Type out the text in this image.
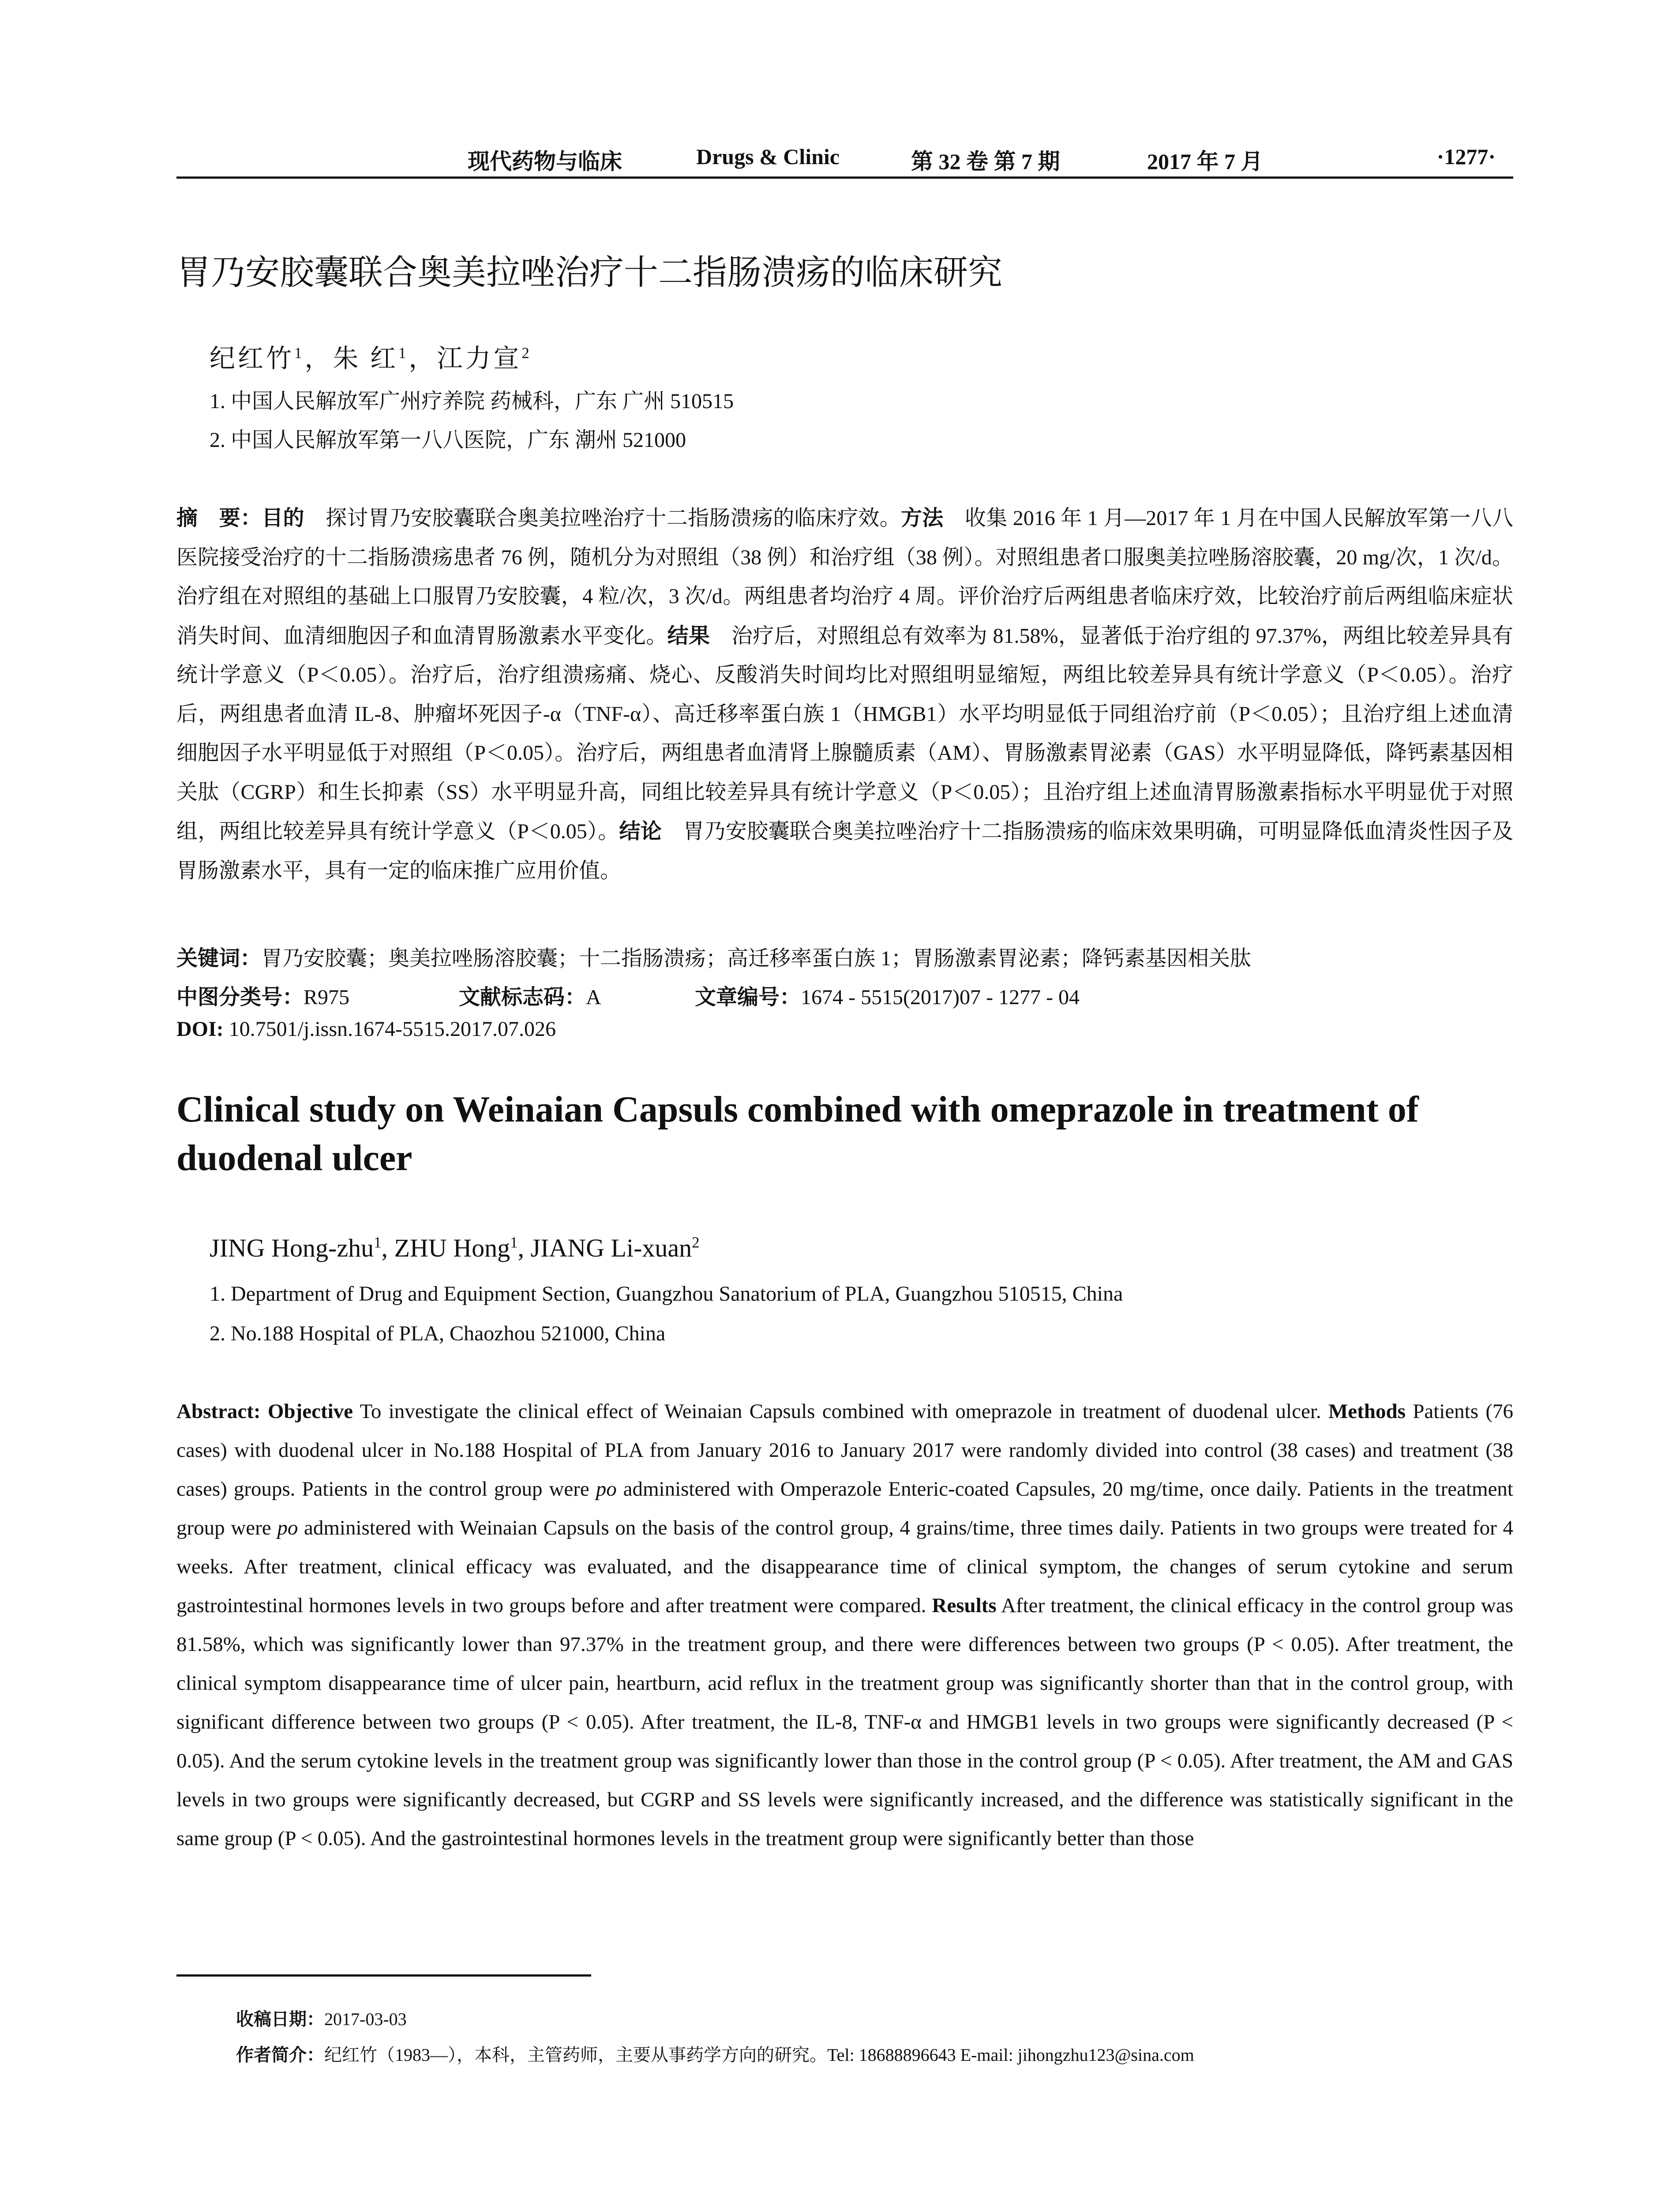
现代药物与临床	Drugs & Clinic	第 32 卷 第 7 期	2017 年 7 月	·1277·
胃乃安胶囊联合奥美拉唑治疗十二指肠溃疡的临床研究
纪红竹$^1$，朱 红$^1$，江力宣$^2$
1. 中国人民解放军广州疗养院 药械科，广东 广州 510515
2. 中国人民解放军第一八八医院，广东 潮州 521000
摘　要：目的　探讨胃乃安胶囊联合奥美拉唑治疗十二指肠溃疡的临床疗效。方法　收集 2016 年 1 月—2017 年 1 月在中国人民解放军第一八八医院接受治疗的十二指肠溃疡患者 76 例，随机分为对照组（38 例）和治疗组（38 例）。对照组患者口服奥美拉唑肠溶胶囊，20 mg/次，1 次/d。治疗组在对照组的基础上口服胃乃安胶囊，4 粒/次，3 次/d。两组患者均治疗 4 周。评价治疗后两组患者临床疗效，比较治疗前后两组临床症状消失时间、血清细胞因子和血清胃肠激素水平变化。结果　治疗后，对照组总有效率为 81.58%，显著低于治疗组的 97.37%，两组比较差异具有统计学意义（P＜0.05）。治疗后，治疗组溃疡痛、烧心、反酸消失时间均比对照组明显缩短，两组比较差异具有统计学意义（P＜0.05）。治疗后，两组患者血清 IL-8、肿瘤坏死因子-α（TNF-α）、高迁移率蛋白族 1（HMGB1）水平均明显低于同组治疗前（P＜0.05）；且治疗组上述血清细胞因子水平明显低于对照组（P＜0.05）。治疗后，两组患者血清肾上腺髓质素（AM）、胃肠激素胃泌素（GAS）水平明显降低，降钙素基因相关肽（CGRP）和生长抑素（SS）水平明显升高，同组比较差异具有统计学意义（P＜0.05）；且治疗组上述血清胃肠激素指标水平明显优于对照组，两组比较差异具有统计学意义（P＜0.05）。结论　胃乃安胶囊联合奥美拉唑治疗十二指肠溃疡的临床效果明确，可明显降低血清炎性因子及胃肠激素水平，具有一定的临床推广应用价值。
关键词：胃乃安胶囊；奥美拉唑肠溶胶囊；十二指肠溃疡；高迁移率蛋白族 1；胃肠激素胃泌素；降钙素基因相关肽
中图分类号：R975	文献标志码：A	文章编号：1674 - 5515(2017)07 - 1277 - 04
DOI: 10.7501/j.issn.1674-5515.2017.07.026
Clinical study on Weinaian Capsuls combined with omeprazole in treatment of duodenal ulcer
JING Hong-zhu$^1$, ZHU Hong$^1$, JIANG Li-xuan$^2$
1. Department of Drug and Equipment Section, Guangzhou Sanatorium of PLA, Guangzhou 510515, China
2. No.188 Hospital of PLA, Chaozhou 521000, China
Abstract: Objective To investigate the clinical effect of Weinaian Capsuls combined with omeprazole in treatment of duodenal ulcer. Methods Patients (76 cases) with duodenal ulcer in No.188 Hospital of PLA from January 2016 to January 2017 were randomly divided into control (38 cases) and treatment (38 cases) groups. Patients in the control group were po administered with Omperazole Enteric-coated Capsules, 20 mg/time, once daily. Patients in the treatment group were po administered with Weinaian Capsuls on the basis of the control group, 4 grains/time, three times daily. Patients in two groups were treated for 4 weeks. After treatment, clinical efficacy was evaluated, and the disappearance time of clinical symptom, the changes of serum cytokine and serum gastrointestinal hormones levels in two groups before and after treatment were compared. Results After treatment, the clinical efficacy in the control group was 81.58%, which was significantly lower than 97.37% in the treatment group, and there were differences between two groups (P < 0.05). After treatment, the clinical symptom disappearance time of ulcer pain, heartburn, acid reflux in the treatment group was significantly shorter than that in the control group, with significant difference between two groups (P < 0.05). After treatment, the IL-8, TNF-α and HMGB1 levels in two groups were significantly decreased (P < 0.05). And the serum cytokine levels in the treatment group was significantly lower than those in the control group (P < 0.05). After treatment, the AM and GAS levels in two groups were significantly decreased, but CGRP and SS levels were significantly increased, and the difference was statistically significant in the same group (P < 0.05). And the gastrointestinal hormones levels in the treatment group were significantly better than those
收稿日期：2017-03-03
作者简介：纪红竹（1983—），本科，主管药师，主要从事药学方向的研究。Tel: 18688896643 E-mail: jihongzhu123@sina.com
